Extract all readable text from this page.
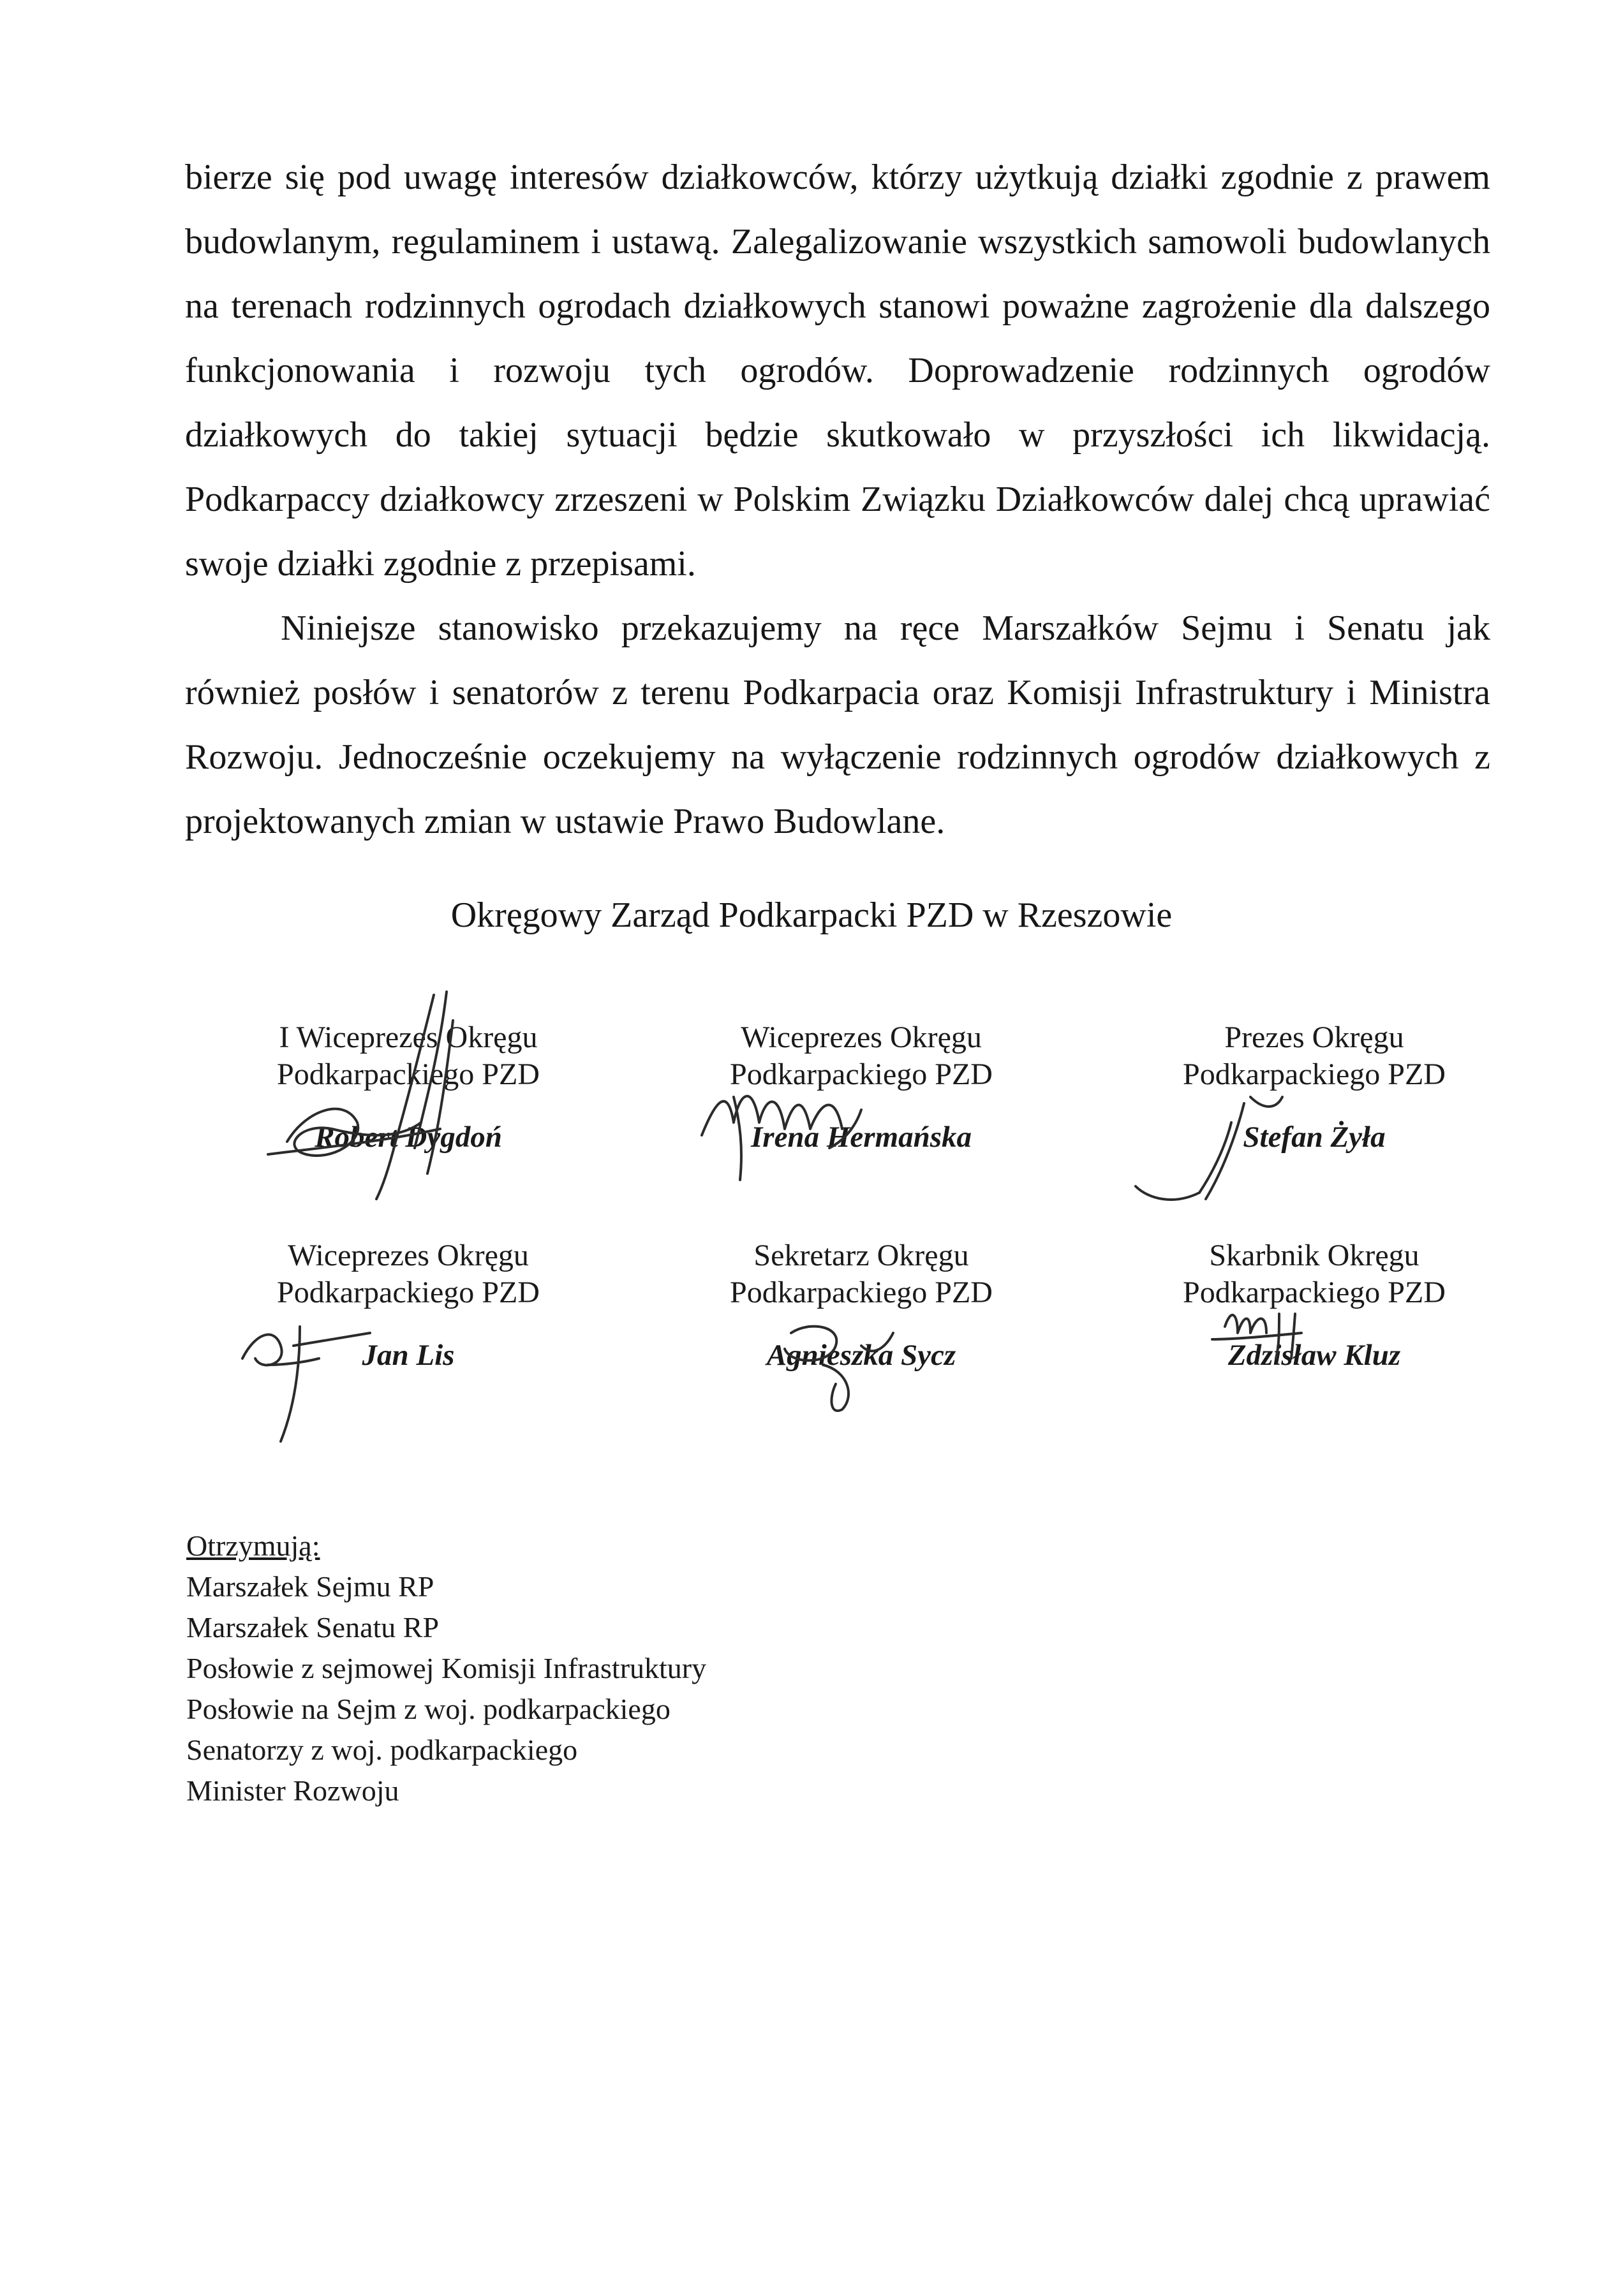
bierze się pod uwagę interesów działkowców, którzy użytkują działki zgodnie z prawem budowlanym, regulaminem i ustawą. Zalegalizowanie wszystkich samowoli budowlanych na terenach rodzinnych ogrodach działkowych stanowi poważne zagrożenie dla dalszego funkcjonowania i rozwoju tych ogrodów. Doprowadzenie rodzinnych ogrodów działkowych do takiej sytuacji będzie skutkowało w przyszłości ich likwidacją. Podkarpaccy działkowcy zrzeszeni w Polskim Związku Działkowców dalej chcą uprawiać swoje działki zgodnie z przepisami.

Niniejsze stanowisko przekazujemy na ręce Marszałków Sejmu i Senatu jak również posłów i senatorów z terenu Podkarpacia oraz Komisji Infrastruktury i Ministra Rozwoju. Jednocześnie oczekujemy na wyłączenie rodzinnych ogrodów działkowych z projektowanych zmian w ustawie Prawo Budowlane.

Okręgowy Zarząd Podkarpacki PZD w Rzeszowie

I Wiceprezes Okręgu
Podkarpackiego PZD
Robert Dygdoń
Wiceprezes Okręgu
Podkarpackiego PZD
Irena Hermańska
Prezes Okręgu
Podkarpackiego PZD
Stefan Żyła
Wiceprezes Okręgu
Podkarpackiego PZD
Jan Lis
Sekretarz Okręgu
Podkarpackiego PZD
Agnieszka Sycz
Skarbnik Okręgu
Podkarpackiego PZD
Zdzisław Kluz
Otrzymują:
Marszałek Sejmu RP
Marszałek Senatu RP
Posłowie z sejmowej Komisji Infrastruktury
Posłowie na Sejm z woj. podkarpackiego
Senatorzy z woj. podkarpackiego
Minister Rozwoju
